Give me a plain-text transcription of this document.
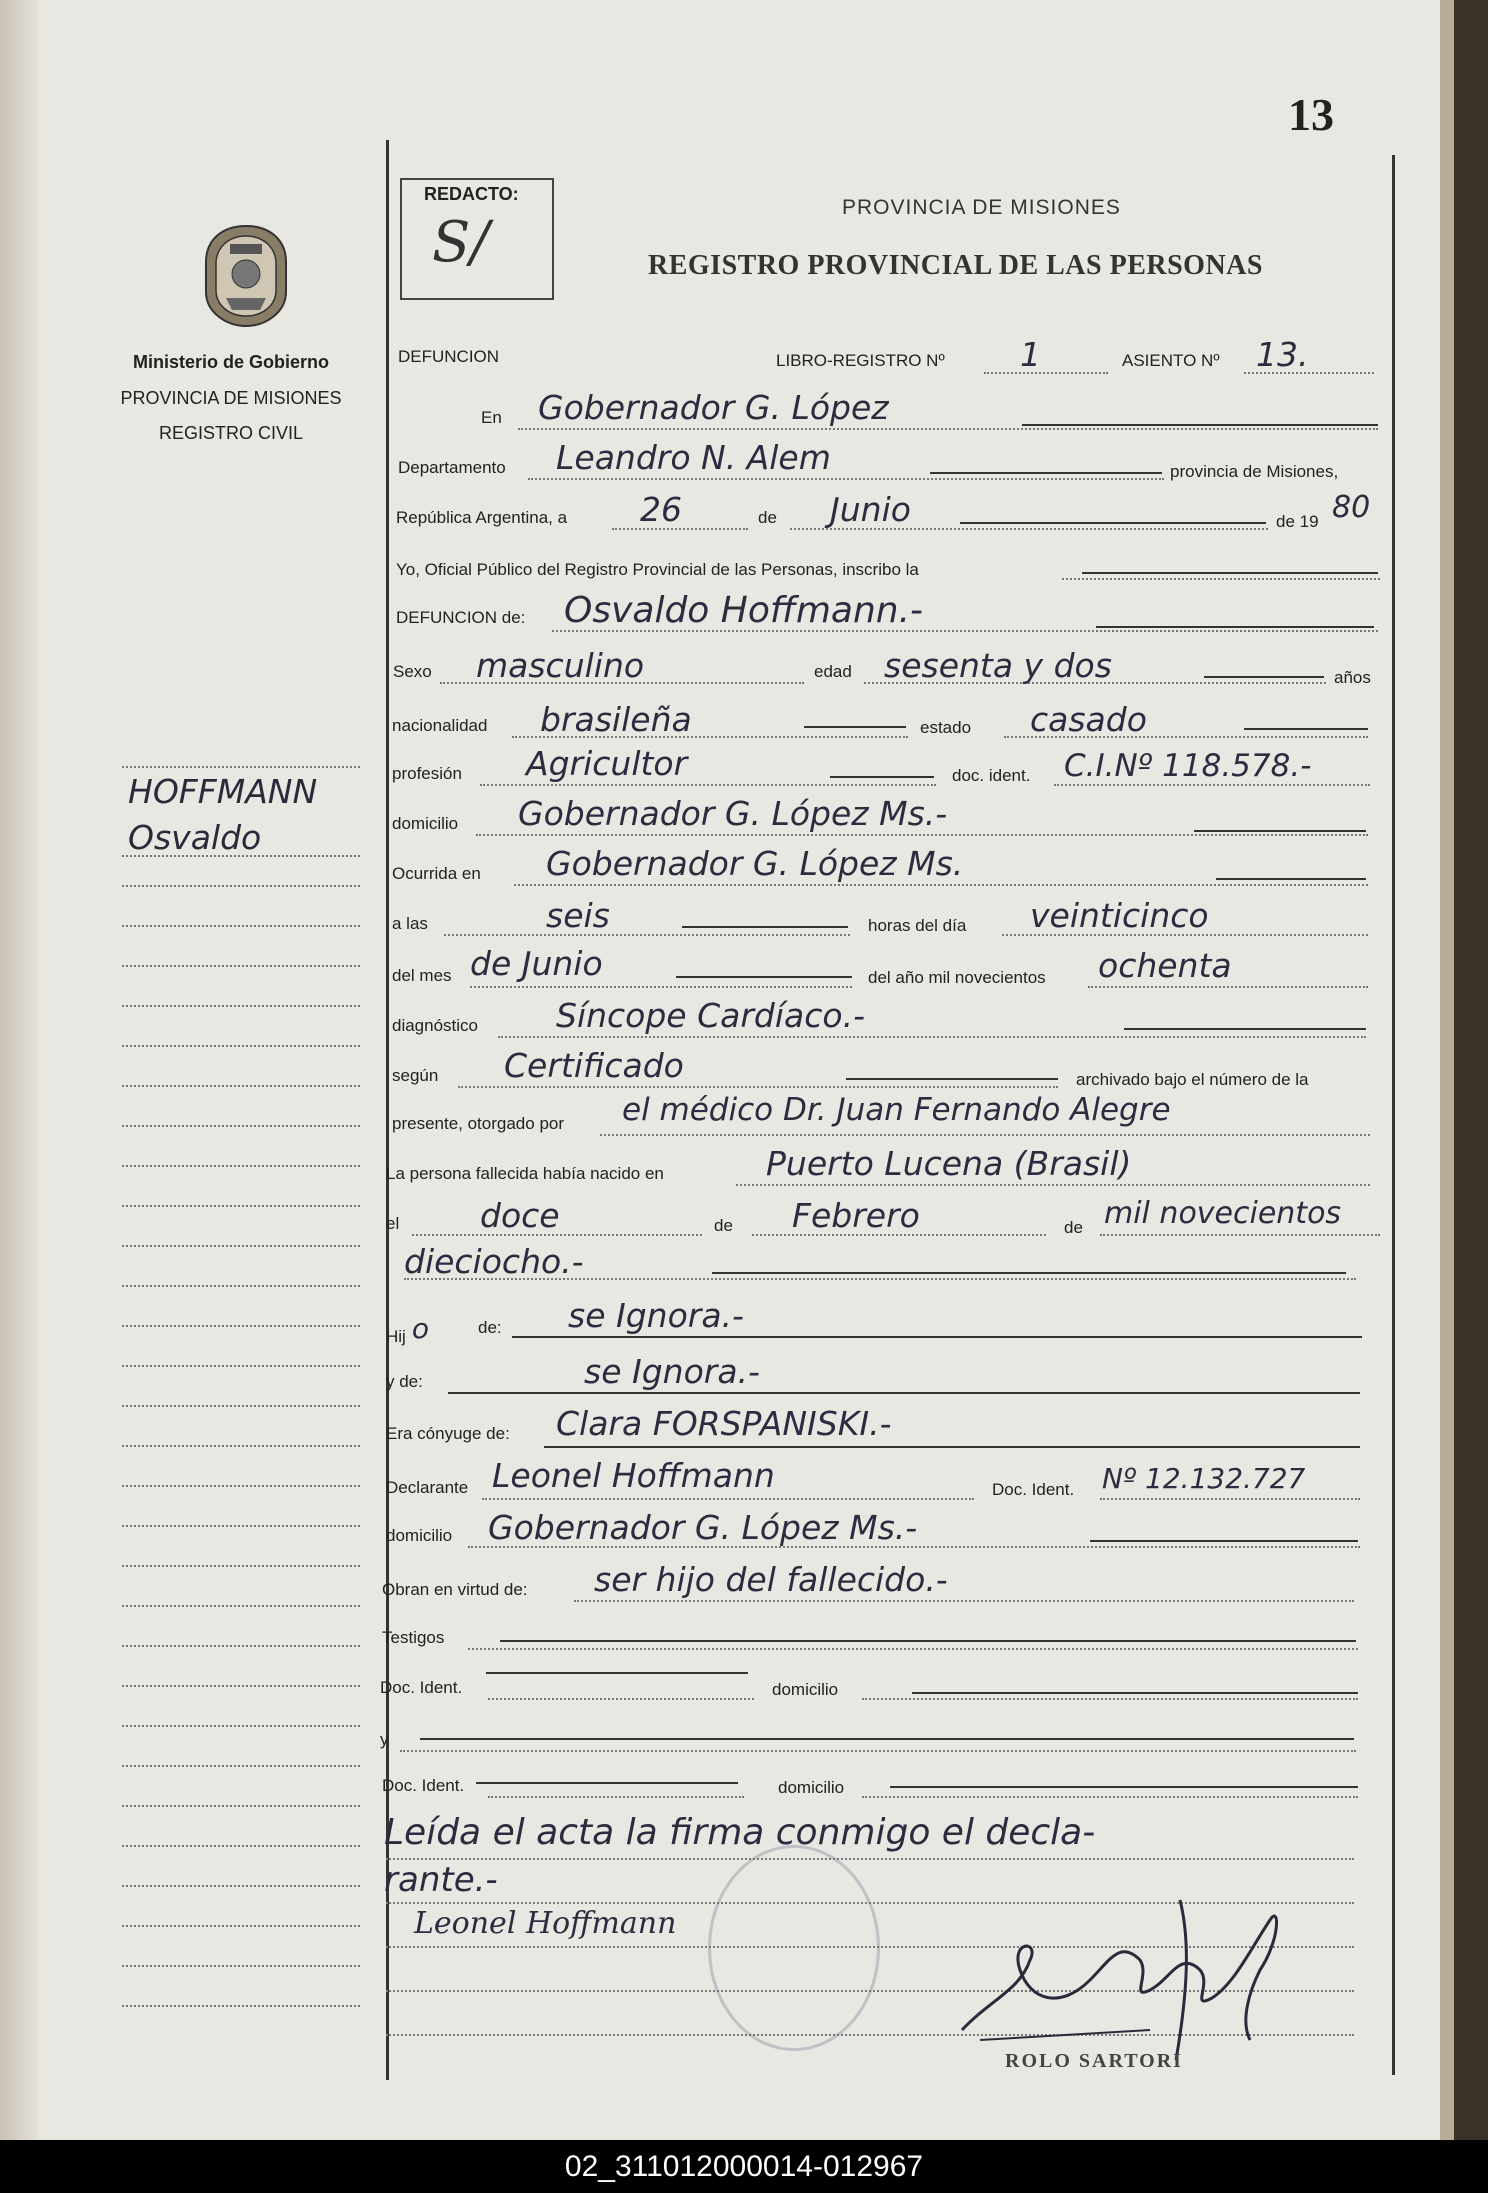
13
REDACTO:
S/
PROVINCIA DE MISIONES
REGISTRO PROVINCIAL DE LAS PERSONAS
Ministerio de Gobierno
PROVINCIA DE MISIONES
REGISTRO CIVIL
HOFFMANN
Osvaldo
DEFUNCION	LIBRO-REGISTRO Nº 1	ASIENTO Nº 13.
En Gobernador G. López
Departamento Leandro N. Alem	provincia de Misiones,
República Argentina, a 26	de Junio	de 19 80
Yo, Oficial Público del Registro Provincial de las Personas, inscribo la
DEFUNCION de: Osvaldo Hoffmann.-
Sexo masculino	edad sesenta y dos	años
nacionalidad brasileña	estado casado
profesión Agricultor	doc. ident. C.I.Nº 118.578.-
domicilio Gobernador G. López Ms.-
Ocurrida en Gobernador G. López Ms.
a las	seis	horas del día veinticinco
del mes de Junio	del año mil novecientos ochenta
diagnóstico Síncope Cardíaco.-
según Certificado	archivado bajo el número de la
presente, otorgado por el médico Dr. Juan Fernando Alegre
La persona fallecida había nacido en	Puerto Lucena (Brasil)
el doce	de Febrero	de mil novecientos
dieciocho.-
Hij o	de: se Ignora.-
y de:	se Ignora.-
Era cónyuge de: Clara FORSPANISKI.-
Declarante Leonel Hoffmann	Doc. Ident. Nº 12.132.727
domicilio Gobernador G. López Ms.-
Obran en virtud de: ser hijo del fallecido.-
Testigos
Doc. Ident.	domicilio
y
Doc. Ident.	domicilio
Leída el acta la firma conmigo el decla-
rante.-
Leonel Hoffmann
ROLO SARTORI
02_311012000014-012967
